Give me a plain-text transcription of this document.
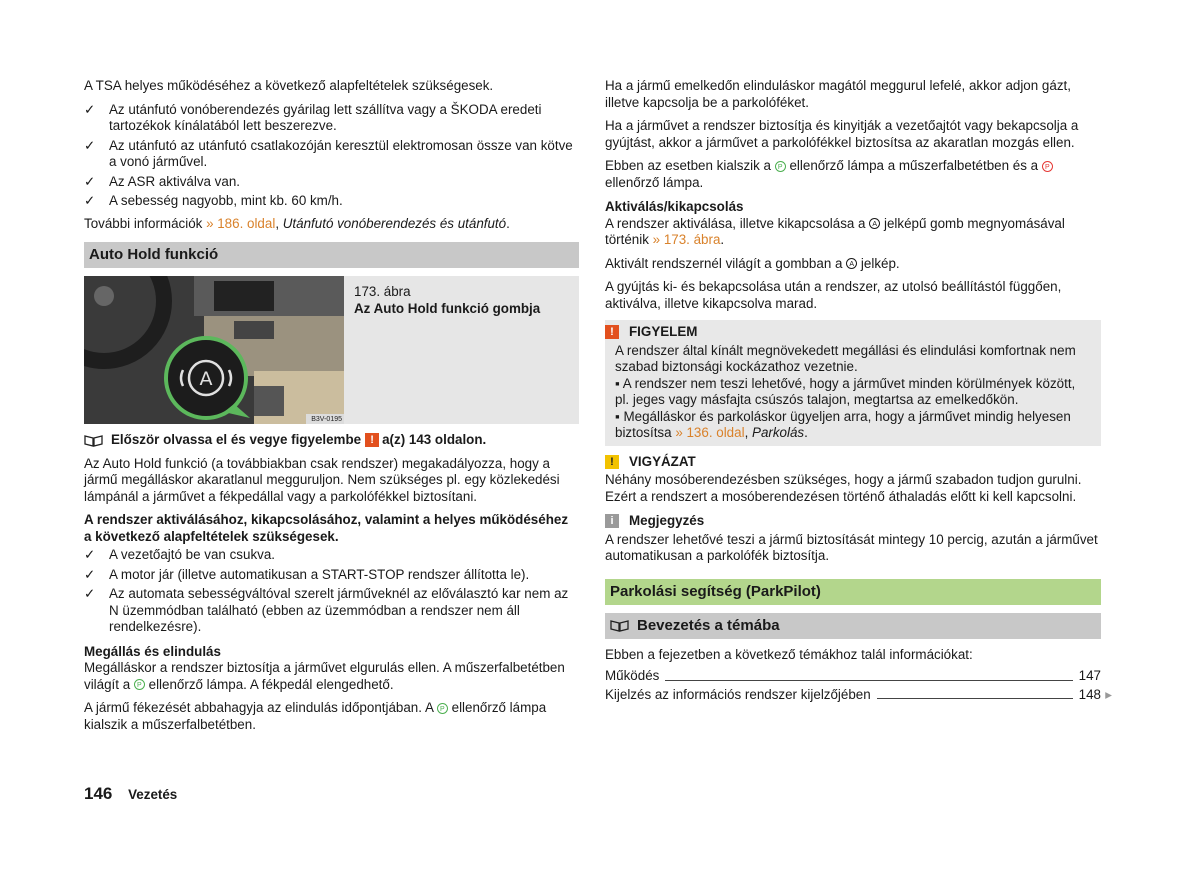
A TSA helyes működéséhez a következő alapfeltételek szükségesek.

✓ Az utánfutó vonóberendezés gyárilag lett szállítva vagy a ŠKODA eredeti tartozékok kínálatából lett beszerezve.
✓ Az utánfutó az utánfutó csatlakozóján keresztül elektromosan össze van kötve a vonó járművel.
✓ Az ASR aktiválva van.
✓ A sebesség nagyobb, mint kb. 60 km/h.

További információk » 186. oldal, Utánfutó vonóberendezés és utánfutó.

Auto Hold funkció
A
B3V-0195
173. ábra
Az Auto Hold funkció gombja

Először olvassa el és vegye figyelembe ! a(z) 143 oldalon.

Az Auto Hold funkció (a továbbiakban csak rendszer) megakadályozza, hogy a jármű megálláskor akaratlanul meggurulјon. Nem szükséges pl. egy közlekedési lámpánál a járművet a fékpedállal vagy a parkolófékkel biztosítani.

A rendszer aktiválásához, kikapcsolásához, valamint a helyes működéséhez a következő alapfeltételek szükségesek.

✓ A vezetőajtó be van csukva.
✓ A motor jár (illetve automatikusan a START-STOP rendszer állította le).
✓ Az automata sebességváltóval szerelt járműveknél az előválasztó kar nem az N üzemmódban található (ebben az üzemmódban a rendszer nem áll rendelkezésre).

Megállás és elindulás

Megálláskor a rendszer biztosítja a járművet elgurulás ellen. A műszerfalbetétben világít a P ellenőrző lámpa. A fékpedál elengedhető.

A jármű fékezését abbahagyja az elindulás időpontjában. A P ellenőrző lámpa kialszik a műszerfalbetétben.

Ha a jármű emelkedőn elinduláskor magától meggurul lefelé, akkor adjon gázt, illetve kapcsolja be a parkolóféket.

Ha a járművet a rendszer biztosítja és kinyitják a vezetőajtót vagy bekapcsolja a gyújtást, akkor a járművet a parkolófékkel biztosítsa az akaratlan mozgás ellen.

Ebben az esetben kialszik a P ellenőrző lámpa a műszerfalbetétben és a P ellenőrző lámpa.

Aktiválás/kikapcsolás

A rendszer aktiválása, illetve kikapcsolása a A jelképű gomb megnyomásával történik » 173. ábra.

Aktivált rendszernél világít a gombban a A jelkép.

A gyújtás ki- és bekapcsolása után a rendszer, az utolsó beállítástól függően, aktiválva, illetve kikapcsolva marad.

!	FIGYELEM
A rendszer által kínált megnövekedett megállási és elindulási komfortnak nem szabad biztonsági kockázathoz vezetnie.
▪ A rendszer nem teszi lehetővé, hogy a járművet minden körülmények között, pl. jeges vagy másfajta csúszós talajon, megtartsa az emelkedőkön.
▪ Megálláskor és parkoláskor ügyeljen arra, hogy a járművet mindig helyesen biztosítsa » 136. oldal, Parkolás.
!	VIGYÁZAT

Néhány mosóberendezésben szükséges, hogy a jármű szabadon tudjon gurulni. Ezért a rendszert a mosóberendezésen történő áthaladás előtt ki kell kapcsolni.

i	Megjegyzés

A rendszer lehetővé teszi a jármű biztosítását mintegy 10 percig, azután a járművet automatikusan a parkolófék biztosítja.

Parkolási segítség (ParkPilot)
Bevezetés a témába

Ebben a fejezetben a következő témákhoz talál információkat:

Működés	147
Kijelzés az információs rendszer kijelzőjében	148 ▸
146 Vezetés
